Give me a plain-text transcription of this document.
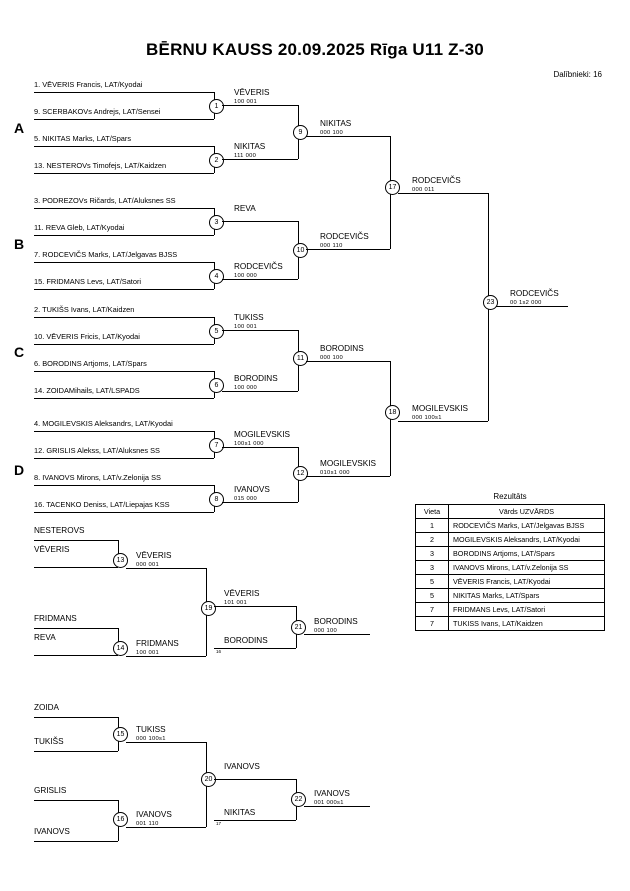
BĒRNU KAUSS 20.09.2025 Rīga U11 Z-30
Dalībnieki: 16
A
B
C
D
1. VĒVERIS Francis, LAT/Kyodai
9. SCERBAKOVs Andrejs, LAT/Sensei
1
VĒVERIS
100 001
5. NIKITAS Marks, LAT/Spars
13. NESTEROVs Timofejs, LAT/Kaidzen
2
NIKITAS
111 000
9
NIKITAS
000 100
3. PODREZOVs Ričards, LAT/Aluksnes SS
11. REVA Gleb, LAT/Kyodai
3
REVA
7. RODCEVIČS Marks, LAT/Jelgavas BJSS
15. FRIDMANS Levs, LAT/Satori
4
RODCEVIČS
100 000
10
RODCEVIČS
000 110
17
RODCEVIČS
000 011
2. TUKIŠS Ivans, LAT/Kaidzen
10. VĒVERIS Fricis, LAT/Kyodai
5
TUKISS
100 001
6. BORODINS Artjoms, LAT/Spars
14. ZOIDAMihails, LAT/LSPADS
6
BORODINS
100 000
11
BORODINS
000 100
4. MOGILEVSKIS Aleksandrs, LAT/Kyodai
12. GRISLIS Alekss, LAT/Aluksnes SS
7
MOGILEVSKIS
100s1 000
8. IVANOVS Mirons, LAT/v.Zelonija SS
16. TACENKO Deniss, LAT/Liepajas KSS
8
IVANOVS
015 000
12
MOGILEVSKIS
010s1 000
18	MOGILEVSKIS
000 100s1
23
RODCEVIČS
00 1s2 000
NESTEROVS
VĒVERIS
13
VĒVERIS
000 001
FRIDMANS
REVA
14
FRIDMANS
100 001
19
VĒVERIS
101 001
BORODINS
16
21
BORODINS
000 100
ZOIDA
TUKIŠS
15
TUKISS
000 100s1
GRISLIS
IVANOVS
16
IVANOVS
001 110
20
IVANOVS
NIKITAS
17
22
IVANOVS
001 000s1
Rezultāts
Vieta	Vārds UZVĀRDS
1	RODCEVIČS Marks, LAT/Jelgavas BJSS
2	MOGILEVSKIS Aleksandrs, LAT/Kyodai
3	BORODINS Artjoms, LAT/Spars
3	IVANOVS Mirons, LAT/v.Zelonija SS
5	VĒVERIS Francis, LAT/Kyodai
5	NIKITAS Marks, LAT/Spars
7	FRIDMANS Levs, LAT/Satori
7	TUKISS Ivans, LAT/Kaidzen
